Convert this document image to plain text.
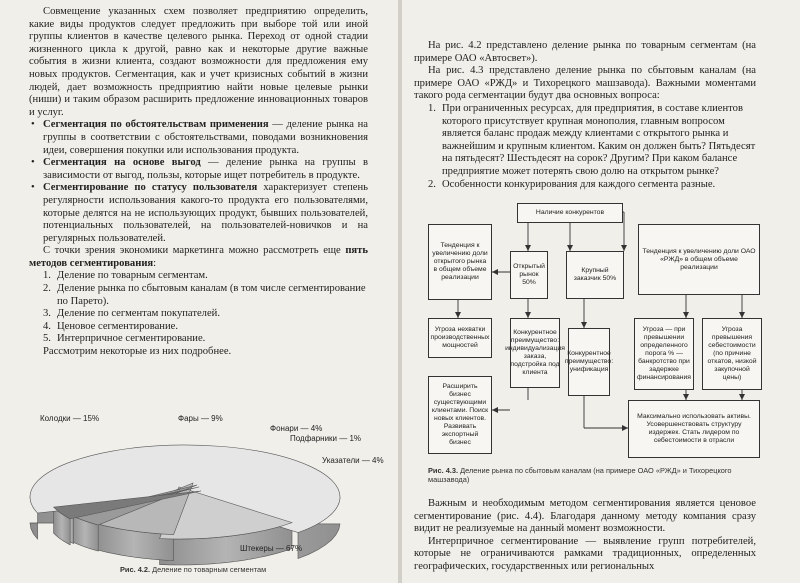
Совмещение указанных схем позволяет предприятию определить, какие виды продуктов следует предложить при выборе той или иной группы клиентов в качестве целевого рынка. Переход от одной стадии жизненного цикла к другой, равно как и некоторые другие важные события в жизни клиента, создают возможности для предложения ему новых продуктов. Сегментация, как и учет кризисных событий в жизни людей, дает возможность предприятию найти новые целевые рынки (ниши) и таким образом расширить предложение инновационных товаров и услуг.

• Сегментация по обстоятельствам применения — деление рынка на группы в соответствии с обстоятельствами, поводами возникновения идеи, совершения покупки или использования продукта.
• Сегментация на основе выгод — деление рынка на группы в зависимости от выгод, пользы, которые ищет потребитель в продукте.
• Сегментирование по статусу пользователя характеризует степень регулярности использования какого-то продукта его пользователями, которые делятся на не использующих продукт, бывших пользователей, потенциальных пользователей, на пользователей-новичков и на регулярных пользователей.

С точки зрения экономики маркетинга можно рассмотреть еще пять методов сегментирования:

1. Деление по товарным сегментам.
2. Деление рынка по сбытовым каналам (в том числе сегментирование по Парето).
3. Деление по сегментам покупателей.
4. Ценовое сегментирование.
5. Интерпричное сегментирование.

Рассмотрим некоторые из них подробнее.

Штекеры — 67%
Колодки — 15%	Фары — 9%
Фонари — 4%
Подфарники — 1%
Указатели — 4%
Рис. 4.2. Деление по товарным сегментам

На рис. 4.2 представлено деление рынка по товарным сегментам (на примере ОАО «Автосвет»).

На рис. 4.3 представлено деление рынка по сбытовым каналам (на примере ОАО «РЖД» и Тихорецкого машзавода). Важными моментами такого рода сегментации будут два основных вопроса:

1. При ограниченных ресурсах, для предприятия, в составе клиентов которого присутствует крупная монополия, главным вопросом является баланс продаж между клиентами с открытого рынка и важнейшим и крупным клиентом. Каким он должен быть? Пятьдесят на пятьдесят? Шестьдесят на сорок? Другим? При каком балансе предприятие может потерять свою долю на открытом рынке?
2. Особенности конкурирования для каждого сегмента разные.
Наличие конкурентов
Тенденция к увеличению доли открытого рынка в общем объеме реализации
Открытый рынок 50%
Крупный заказчик 50%
Тенденция к увеличению доли ОАО «РЖД» в общем объеме реализации
Угроза нехватки производственных мощностей
Конкурентное преимущество: индивидуализация заказа, подстройка под клиента
Конкурентное преимущество: унификация
Угроза — при превышении определенного порога % — банкротство при задержке финансирования
Угроза превышения себестоимости (по причине откатов, низкой закупочной цены)
Расширить бизнес существующими клиентами. Поиск новых клиентов. Развивать экспортный бизнес
Максимально использовать активы. Усовершенствовать структуру издержек. Стать лидером по себестоимости в отрасли
Рис. 4.3. Деление рынка по сбытовым каналам (на примере ОАО «РЖД» и Тихорецкого машзавода)

Важным и необходимым методом сегментирования является ценовое сегментирование (рис. 4.4). Благодаря данному методу компания сразу видит не реализуемые на данный момент возможности.

Интерпричное сегментирование — выявление групп потребителей, которые не ограничиваются рамками традиционных, определенных географических, государственных или региональных
